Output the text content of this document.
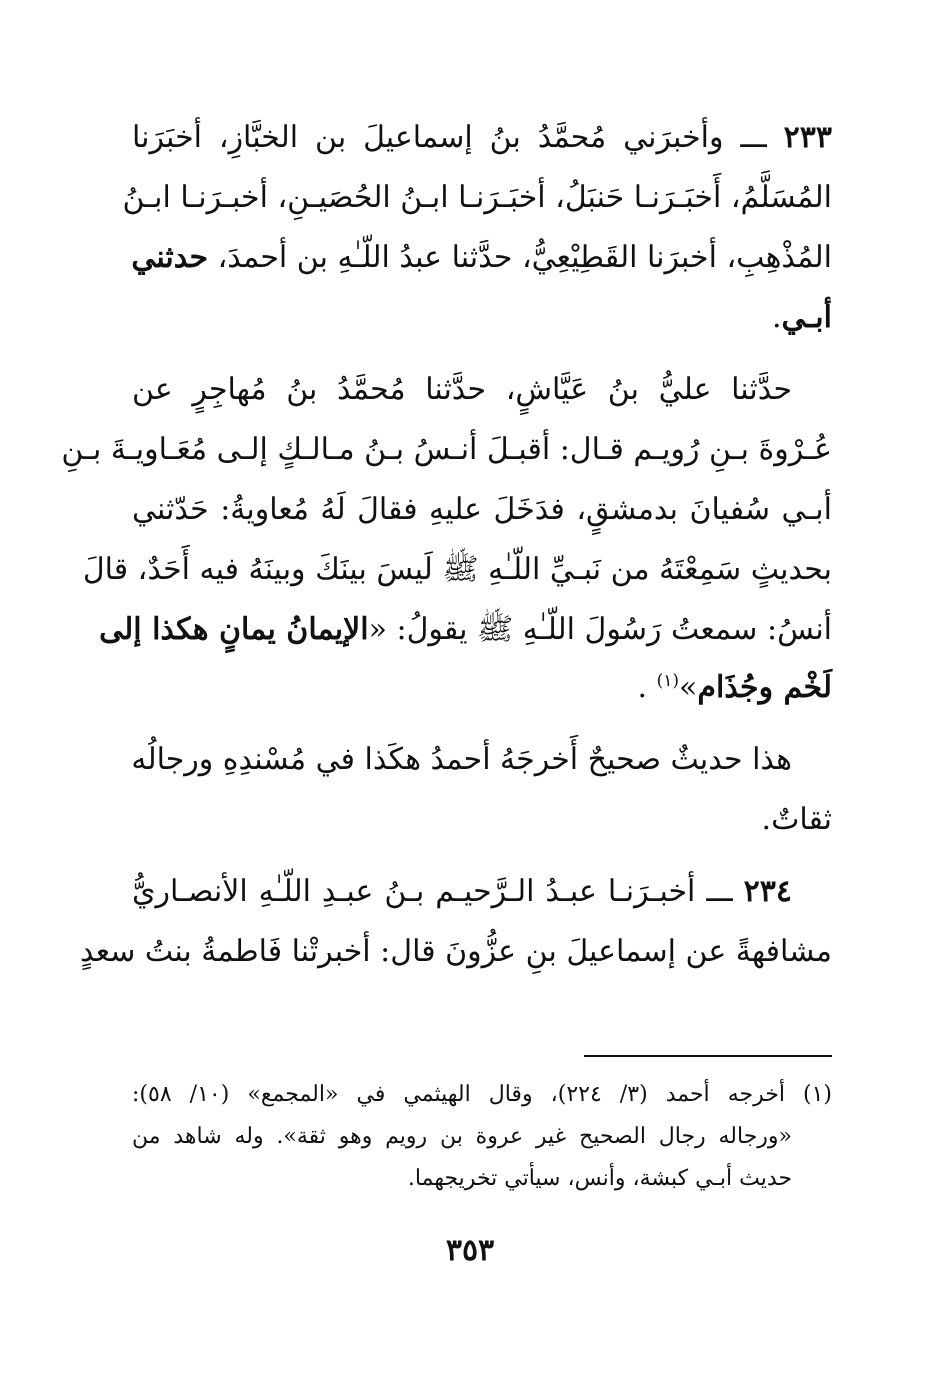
٢٣٣ ـــ وأخبرَني مُحمَّدُ بنُ إسماعيلَ بن الخبَّازِ، أخبَرَنا
المُسَلَّمُ، أَخبَـرَنـا حَنبَلُ، أخبَـرَنـا ابـنُ الحُصَيـنِ، أخبـرَنـا ابـنُ
المُذْهِبِ، أخبرَنا القَطِيْعِيُّ، حدَّثنا عبدُ اللّـٰهِ بن أحمدَ، حدثني
أبـي.
حدَّثنا عليُّ بنُ عَيَّاشٍ، حدَّثنا مُحمَّدُ بنُ مُهاجِرٍ عن
عُـرْوةَ بـنِ رُويـم قـال: أقبـلَ أنـسُ بـنُ مـالـكٍ إلـى مُعَـاويـةَ بـنِ
أبـي سُفيانَ بدمشقٍ، فدَخَلَ عليهِ فقالَ لَهُ مُعاويةُ: حَدّثني
بحديثٍ سَمِعْتَهُ من نَبـيِّ اللّـٰهِ ﷺ لَيسَ بينَكَ وبينَهُ فيه أَحَدٌ، قالَ
أنسُ: سمعتُ رَسُولَ اللّـٰهِ ﷺ يقولُ: «الإيمانُ يمانٍ هكذا إلى
لَخْم وجُذَام»$^{(١)}$ .
هذا حديثٌ صحيحٌ أَخرجَهُ أحمدُ هكَذا في مُسْندِهِ ورجالُه
ثقاتٌ.
٢٣٤ ـــ أخبـرَنـا عبـدُ الـرَّحيـم بـنُ عبـدِ اللّـٰهِ الأنصـاريُّ
مشافهةً عن إسماعيلَ بنِ عزُّونَ قال: أخبرتْنا فَاطمةُ بنتُ سعدٍ
(١) أخرجه أحمد (٣/ ٢٢٤)، وقال الهيثمي في «المجمع» (١٠/ ٥٨):
«ورجاله رجال الصحيح غير عروة بن رويم وهو ثقة». وله شاهد من
حديث أبـي كبشة، وأنس، سيأتي تخريجهما.
٣٥٣
